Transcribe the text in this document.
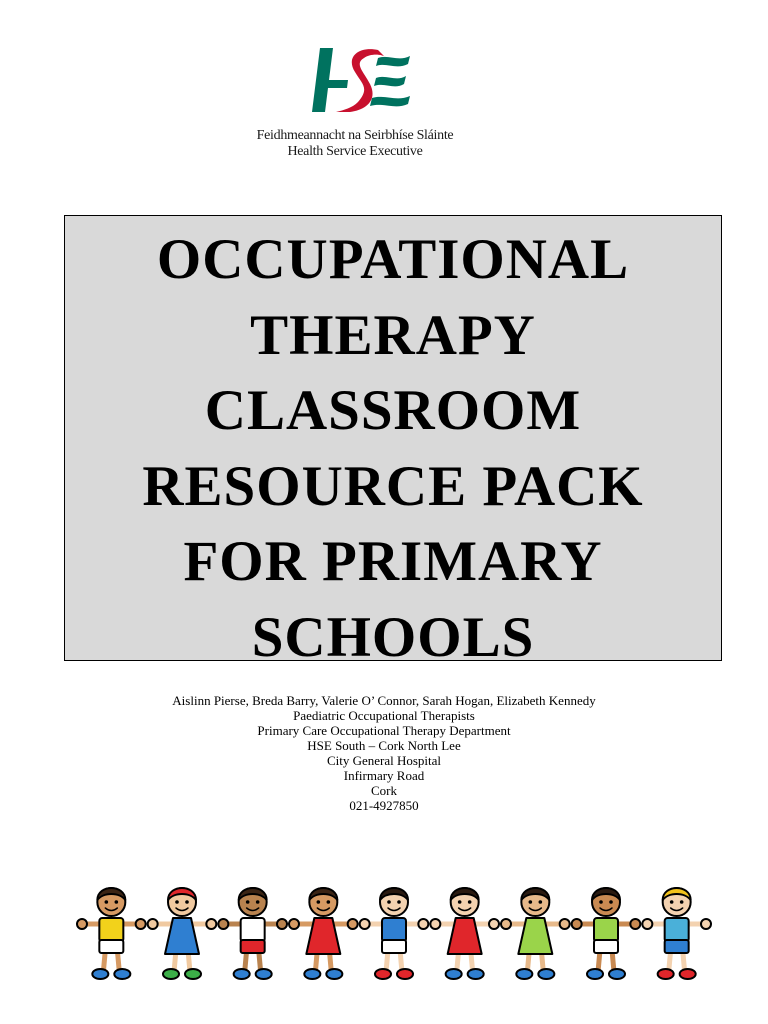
Feidhmeannacht na Seirbhíse Sláinte
Health Service Executive
OCCUPATIONAL
THERAPY
CLASSROOM
RESOURCE PACK
FOR PRIMARY
SCHOOLS
Aislinn Pierse, Breda Barry, Valerie O’ Connor, Sarah Hogan, Elizabeth Kennedy
Paediatric Occupational Therapists
Primary Care Occupational Therapy Department
HSE South – Cork North Lee
City General Hospital
Infirmary Road
Cork
021-4927850
